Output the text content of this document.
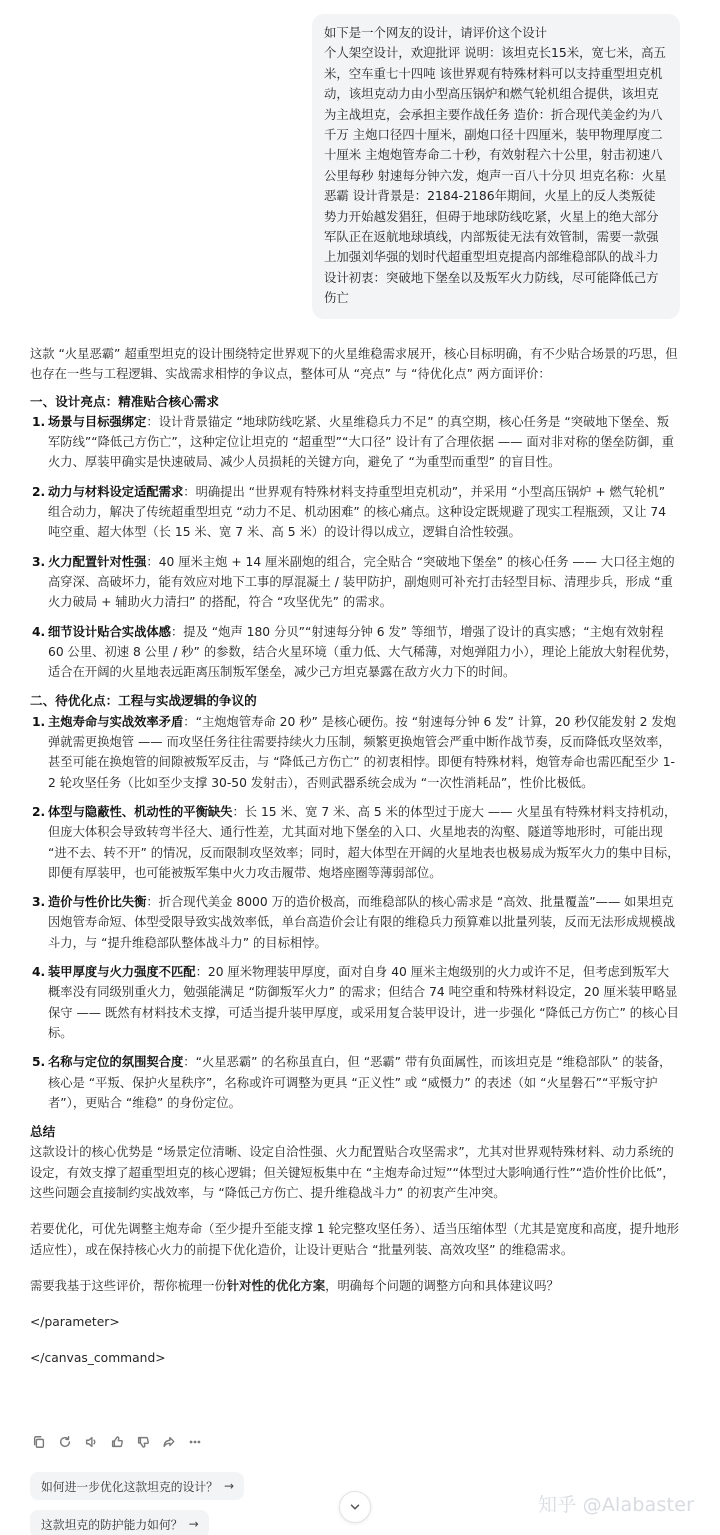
如下是一个网友的设计，请评价这个设计
个人架空设计，欢迎批评 说明：该坦克长15米，宽七米，高五米，空车重七十四吨 该世界观有特殊材料可以支持重型坦克机动，该坦克动力由小型高压锅炉和燃气轮机组合提供，该坦克为主战坦克，会承担主要作战任务 造价：折合现代美金约为八千万 主炮口径四十厘米，副炮口径十四厘米，装甲物理厚度二十厘米 主炮炮管寿命二十秒，有效射程六十公里，射击初速八公里每秒 射速每分钟六发，炮声一百八十分贝 坦克名称：火星恶霸 设计背景是：2184-2186年期间，火星上的反人类叛徒势力开始越发猖狂，但碍于地球防线吃紧，火星上的绝大部分军队正在返航地球填线，内部叛徒无法有效管制，需要一款强上加强刘华强的划时代超重型坦克提高内部维稳部队的战斗力 设计初衷：突破地下堡垒以及叛军火力防线，尽可能降低己方伤亡

这款 “火星恶霸” 超重型坦克的设计围绕特定世界观下的火星维稳需求展开，核心目标明确，有不少贴合场景的巧思，但也存在一些与工程逻辑、实战需求相悖的争议点，整体可从 “亮点” 与 “待优化点” 两方面评价：

一、设计亮点：精准贴合核心需求

1. 场景与目标强绑定：设计背景锚定 “地球防线吃紧、火星维稳兵力不足” 的真空期，核心任务是 “突破地下堡垒、叛军防线”“降低己方伤亡”，这种定位让坦克的 “超重型”“大口径” 设计有了合理依据 —— 面对非对称的堡垒防御，重火力、厚装甲确实是快速破局、减少人员损耗的关键方向，避免了 “为重型而重型” 的盲目性。
2. 动力与材料设定适配需求：明确提出 “世界观有特殊材料支持重型坦克机动”，并采用 “小型高压锅炉 + 燃气轮机” 组合动力，解决了传统超重型坦克 “动力不足、机动困难” 的核心痛点。这种设定既规避了现实工程瓶颈，又让 74 吨空重、超大体型（长 15 米、宽 7 米、高 5 米）的设计得以成立，逻辑自洽性较强。
3. 火力配置针对性强：40 厘米主炮 + 14 厘米副炮的组合，完全贴合 “突破地下堡垒” 的核心任务 —— 大口径主炮的高穿深、高破坏力，能有效应对地下工事的厚混凝土 / 装甲防护，副炮则可补充打击轻型目标、清理步兵，形成 “重火力破局 + 辅助火力清扫” 的搭配，符合 “攻坚优先” 的需求。
4. 细节设计贴合实战体感：提及 “炮声 180 分贝”“射速每分钟 6 发” 等细节，增强了设计的真实感；“主炮有效射程 60 公里、初速 8 公里 / 秒” 的参数，结合火星环境（重力低、大气稀薄，对炮弹阻力小），理论上能放大射程优势，适合在开阔的火星地表远距离压制叛军堡垒，减少己方坦克暴露在敌方火力下的时间。

二、待优化点：工程与实战逻辑的争议的

1. 主炮寿命与实战效率矛盾：“主炮炮管寿命 20 秒” 是核心硬伤。按 “射速每分钟 6 发” 计算，20 秒仅能发射 2 发炮弹就需更换炮管 —— 而攻坚任务往往需要持续火力压制，频繁更换炮管会严重中断作战节奏，反而降低攻坚效率，甚至可能在换炮管的间隙被叛军反击，与 “降低己方伤亡” 的初衷相悖。即便有特殊材料，炮管寿命也需匹配至少 1-2 轮攻坚任务（比如至少支撑 30-50 发射击），否则武器系统会成为 “一次性消耗品”，性价比极低。
2. 体型与隐蔽性、机动性的平衡缺失：长 15 米、宽 7 米、高 5 米的体型过于庞大 —— 火星虽有特殊材料支持机动，但庞大体积会导致转弯半径大、通行性差，尤其面对地下堡垒的入口、火星地表的沟壑、隧道等地形时，可能出现 “进不去、转不开” 的情况，反而限制攻坚效率；同时，超大体型在开阔的火星地表也极易成为叛军火力的集中目标，即便有厚装甲，也可能被叛军集中火力攻击履带、炮塔座圈等薄弱部位。
3. 造价与性价比失衡：折合现代美金 8000 万的造价极高，而维稳部队的核心需求是 “高效、批量覆盖”—— 如果坦克因炮管寿命短、体型受限导致实战效率低，单台高造价会让有限的维稳兵力预算难以批量列装，反而无法形成规模战斗力，与 “提升维稳部队整体战斗力” 的目标相悖。
4. 装甲厚度与火力强度不匹配：20 厘米物理装甲厚度，面对自身 40 厘米主炮级别的火力或许不足，但考虑到叛军大概率没有同级别重火力，勉强能满足 “防御叛军火力” 的需求；但结合 74 吨空重和特殊材料设定，20 厘米装甲略显保守 —— 既然有材料技术支撑，可适当提升装甲厚度，或采用复合装甲设计，进一步强化 “降低己方伤亡” 的核心目标。
5. 名称与定位的氛围契合度：“火星恶霸” 的名称虽直白，但 “恶霸” 带有负面属性，而该坦克是 “维稳部队” 的装备，核心是 “平叛、保护火星秩序”，名称或许可调整为更具 “正义性” 或 “威慑力” 的表述（如 “火星磐石”“平叛守护者”），更贴合 “维稳” 的身份定位。

总结

这款设计的核心优势是 “场景定位清晰、设定自洽性强、火力配置贴合攻坚需求”，尤其对世界观特殊材料、动力系统的设定，有效支撑了超重型坦克的核心逻辑；但关键短板集中在 “主炮寿命过短”“体型过大影响通行性”“造价性价比低”，这些问题会直接制约实战效率，与 “降低己方伤亡、提升维稳战斗力” 的初衷产生冲突。

若要优化，可优先调整主炮寿命（至少提升至能支撑 1 轮完整攻坚任务）、适当压缩体型（尤其是宽度和高度，提升地形适应性），或在保持核心火力的前提下优化造价，让设计更贴合 “批量列装、高效攻坚” 的维稳需求。

需要我基于这些评价，帮你梳理一份针对性的优化方案，明确每个问题的调整方向和具体建议吗？

</parameter>

</canvas_command>

如何进一步优化这款坦克的设计？ →
知乎 @Alabaster
这款坦克的防护能力如何？ →
